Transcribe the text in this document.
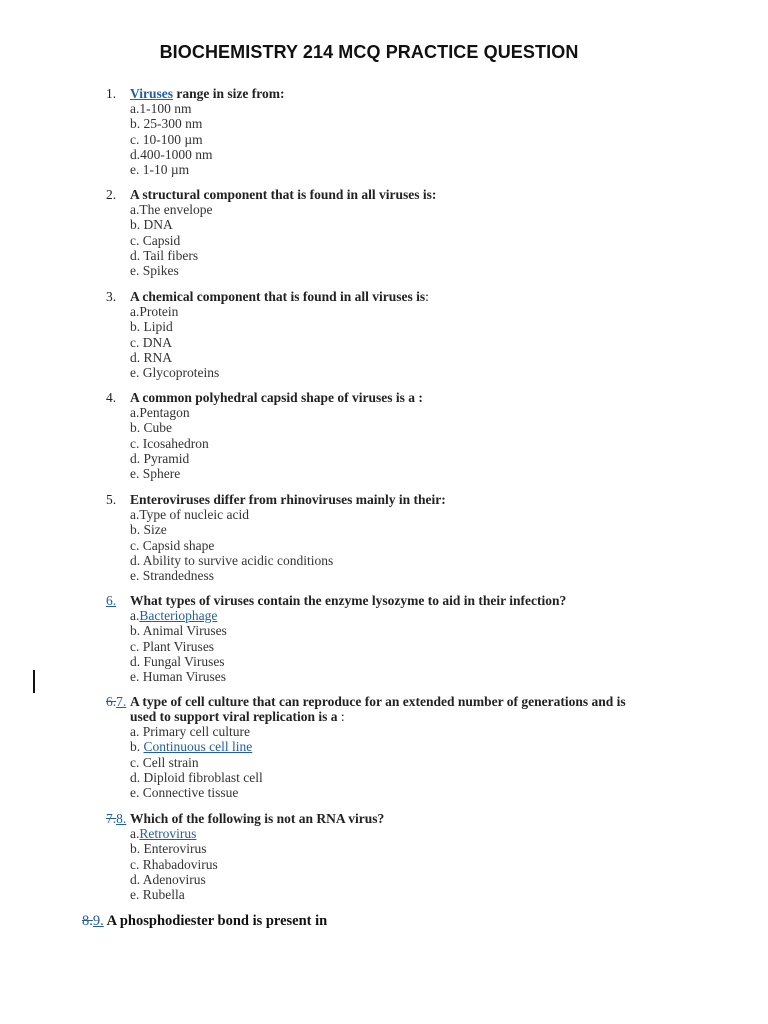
BIOCHEMISTRY 214 MCQ PRACTICE QUESTION
1. Viruses range in size from:
a.1-100 nm
b. 25-300 nm
c. 10-100 µm
d.400-1000 nm
e. 1-10 µm
2. A structural component that is found in all viruses is:
a.The envelope
b. DNA
c. Capsid
d. Tail fibers
e. Spikes
3. A chemical component that is found in all viruses is:
a.Protein
b. Lipid
c. DNA
d. RNA
e. Glycoproteins
4. A common polyhedral capsid shape of viruses is a :
a.Pentagon
b. Cube
c. Icosahedron
d. Pyramid
e. Sphere
5. Enteroviruses differ from rhinoviruses mainly in their:
a.Type of nucleic acid
b. Size
c. Capsid shape
d. Ability to survive acidic conditions
e. Strandedness
6. What types of viruses contain the enzyme lysozyme to aid in their infection?
a.Bacteriophage
b. Animal Viruses
c. Plant Viruses
d. Fungal Viruses
e. Human Viruses
6.7. A type of cell culture that can reproduce for an extended number of generations and is
used to support viral replication is a :
a. Primary cell culture
b. Continuous cell line
c. Cell strain
d. Diploid fibroblast cell
e. Connective tissue
7.8. Which of the following is not an RNA virus?
a.Retrovirus
b. Enterovirus
c. Rhabadovirus
d. Adenovirus
e. Rubella
8.9. A phosphodiester bond is present in
